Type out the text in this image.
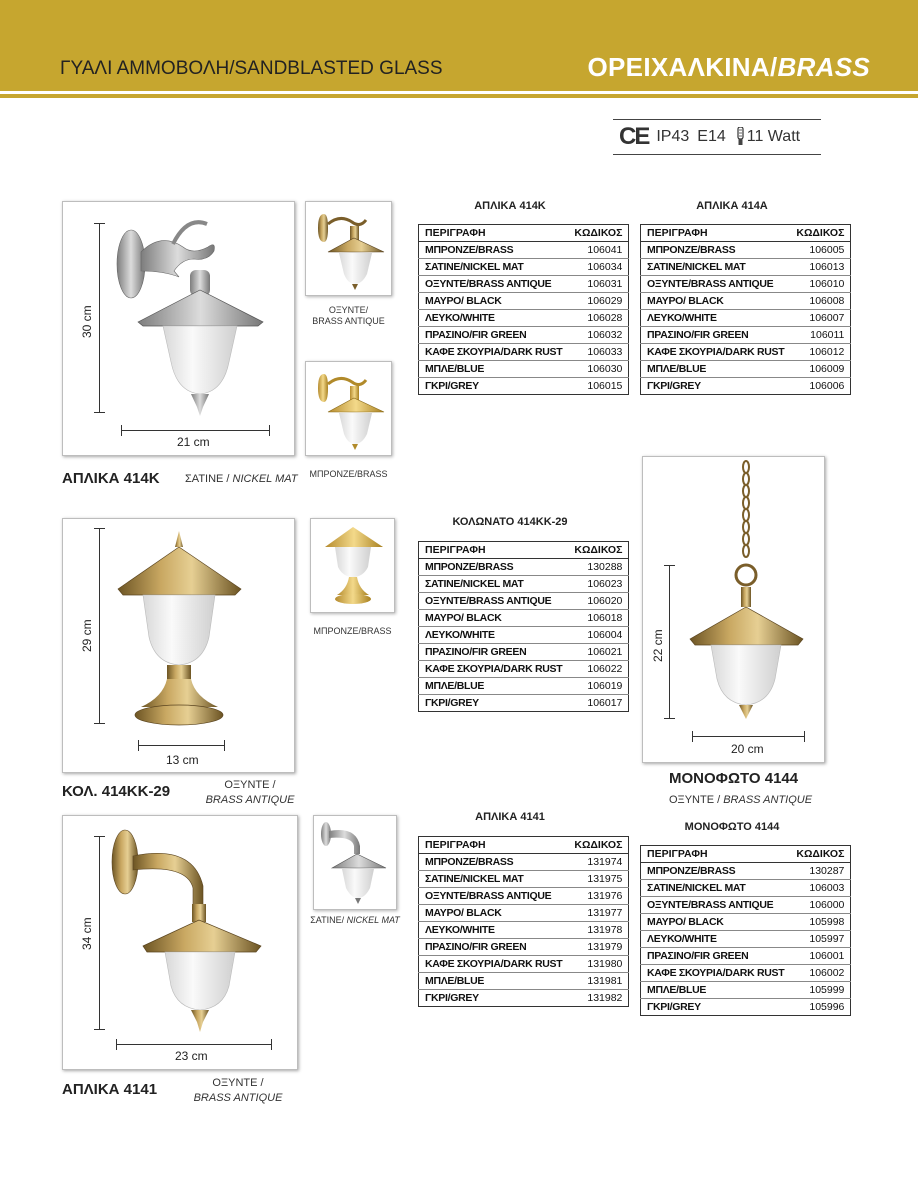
ΓΥΑΛΙ ΑΜΜΟΒΟΛΗ/SANDBLASTED GLASS	ΟΡΕΙΧΑΛΚΙΝΑ/BRASS
CE IP43 E14 11 Watt
30 cm
21 cm
ΟΞΥΝΤΕ/
BRASS ANTIQUE
ΜΠΡΟΝΖΕ/BRASS
ΑΠΛΙΚΑ 414K ΣΑΤΙΝΕ / NICKEL MAT
ΑΠΛΙΚΑ 414K
ΠΕΡΙΓΡΑΦΗ	ΚΩΔΙΚΟΣ
ΜΠΡΟΝΖΕ/BRASS	106041
ΣΑΤΙΝΕ/NICKEL MAT	106034
ΟΞΥΝΤΕ/BRASS ANTIQUE	106031
ΜΑΥΡΟ/ BLACK	106029
ΛΕΥΚΟ/WHITE	106028
ΠΡΑΣΙΝΟ/FIR GREEN	106032
ΚΑΦΕ ΣΚΟΥΡΙΑ/DARK RUST	106033
ΜΠΛΕ/BLUE	106030
ΓΚΡΙ/GREY	106015
ΑΠΛΙΚΑ 414A
ΠΕΡΙΓΡΑΦΗ	ΚΩΔΙΚΟΣ
ΜΠΡΟΝΖΕ/BRASS	106005
ΣΑΤΙΝΕ/NICKEL MAT	106013
ΟΞΥΝΤΕ/BRASS ANTIQUE	106010
ΜΑΥΡΟ/ BLACK	106008
ΛΕΥΚΟ/WHITE	106007
ΠΡΑΣΙΝΟ/FIR GREEN	106011
ΚΑΦΕ ΣΚΟΥΡΙΑ/DARK RUST	106012
ΜΠΛΕ/BLUE	106009
ΓΚΡΙ/GREY	106006
29 cm
13 cm
ΜΠΡΟΝΖΕ/BRASS
ΚΟΛ. 414KK-29	ΟΞΥΝΤΕ /
BRASS ANTIQUE
ΚΟΛΩΝΑΤΟ 414KK-29
ΠΕΡΙΓΡΑΦΗ	ΚΩΔΙΚΟΣ
ΜΠΡΟΝΖΕ/BRASS	130288
ΣΑΤΙΝΕ/NICKEL MAT	106023
ΟΞΥΝΤΕ/BRASS ANTIQUE	106020
ΜΑΥΡΟ/ BLACK	106018
ΛΕΥΚΟ/WHITE	106004
ΠΡΑΣΙΝΟ/FIR GREEN	106021
ΚΑΦΕ ΣΚΟΥΡΙΑ/DARK RUST	106022
ΜΠΛΕ/BLUE	106019
ΓΚΡΙ/GREY	106017
22 cm
20 cm
ΜΟΝΟΦΩΤΟ 4144
ΟΞΥΝΤΕ / BRASS ANTIQUE
ΜΟΝΟΦΩΤΟ 4144
ΠΕΡΙΓΡΑΦΗ	ΚΩΔΙΚΟΣ
ΜΠΡΟΝΖΕ/BRASS	130287
ΣΑΤΙΝΕ/NICKEL MAT	106003
ΟΞΥΝΤΕ/BRASS ANTIQUE	106000
ΜΑΥΡΟ/ BLACK	105998
ΛΕΥΚΟ/WHITE	105997
ΠΡΑΣΙΝΟ/FIR GREEN	106001
ΚΑΦΕ ΣΚΟΥΡΙΑ/DARK RUST	106002
ΜΠΛΕ/BLUE	105999
ΓΚΡΙ/GREY	105996
34 cm
23 cm
ΣΑΤΙΝΕ/ NICKEL MAT
ΑΠΛΙΚΑ 4141	ΟΞΥΝΤΕ /
BRASS ANTIQUE
ΑΠΛΙΚΑ 4141
ΠΕΡΙΓΡΑΦΗ	ΚΩΔΙΚΟΣ
ΜΠΡΟΝΖΕ/BRASS	131974
ΣΑΤΙΝΕ/NICKEL MAT	131975
ΟΞΥΝΤΕ/BRASS ANTIQUE	131976
ΜΑΥΡΟ/ BLACK	131977
ΛΕΥΚΟ/WHITE	131978
ΠΡΑΣΙΝΟ/FIR GREEN	131979
ΚΑΦΕ ΣΚΟΥΡΙΑ/DARK RUST	131980
ΜΠΛΕ/BLUE	131981
ΓΚΡΙ/GREY	131982
